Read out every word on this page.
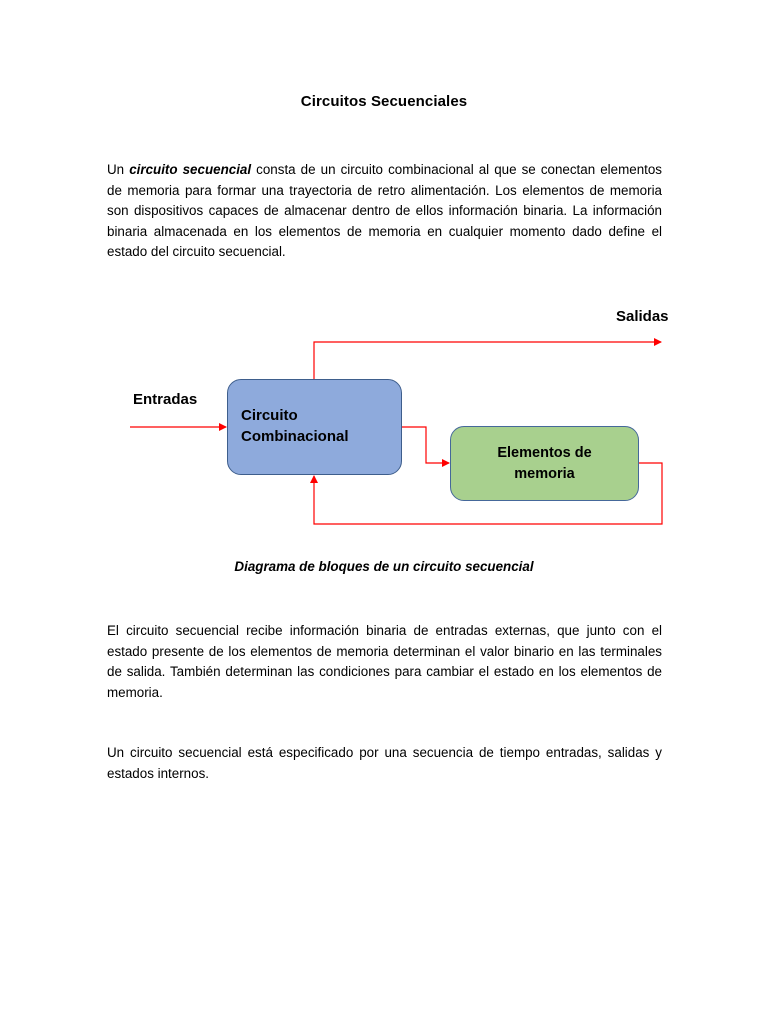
Circuitos Secuenciales

Un circuito secuencial consta de un circuito combinacional al que se conectan elementos de memoria para formar una trayectoria de retro alimentación. Los elementos de memoria son dispositivos capaces de almacenar dentro de ellos información binaria. La información binaria almacenada en los elementos de memoria en cualquier momento dado define el estado del circuito secuencial.

Salidas
Entradas
Circuito
Combinacional
Elementos de
memoria
Diagrama de bloques de un circuito secuencial

El circuito secuencial recibe información binaria de entradas externas, que junto con el estado presente de los elementos de memoria determinan el valor binario en las terminales de salida. También determinan las condiciones para cambiar el estado en los elementos de memoria.

Un circuito secuencial está especificado por una secuencia de tiempo entradas, salidas y estados internos.
